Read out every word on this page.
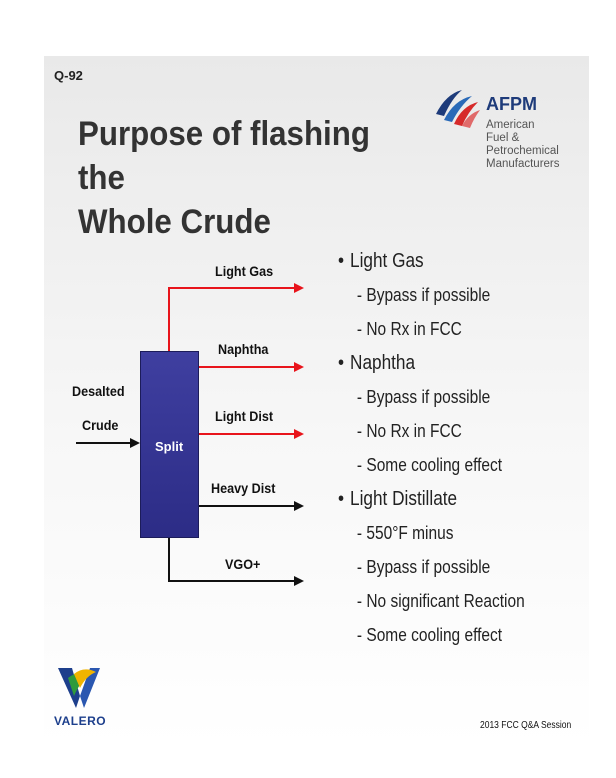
Q-92
Purpose of flashing the
Whole Crude
AFPM
American
Fuel & Petrochemical
Manufacturers
Split
Desalted
Crude
Light Gas
Naphtha
Light Dist
Heavy Dist
VGO+
• Light Gas
- Bypass if possible
- No Rx in FCC
• Naphtha
- Bypass if possible
- No Rx in FCC
- Some cooling effect
• Light Distillate
- 550°F minus
- Bypass if possible
- No significant Reaction
- Some cooling effect
VALERO	2013 FCC Q&A Session
